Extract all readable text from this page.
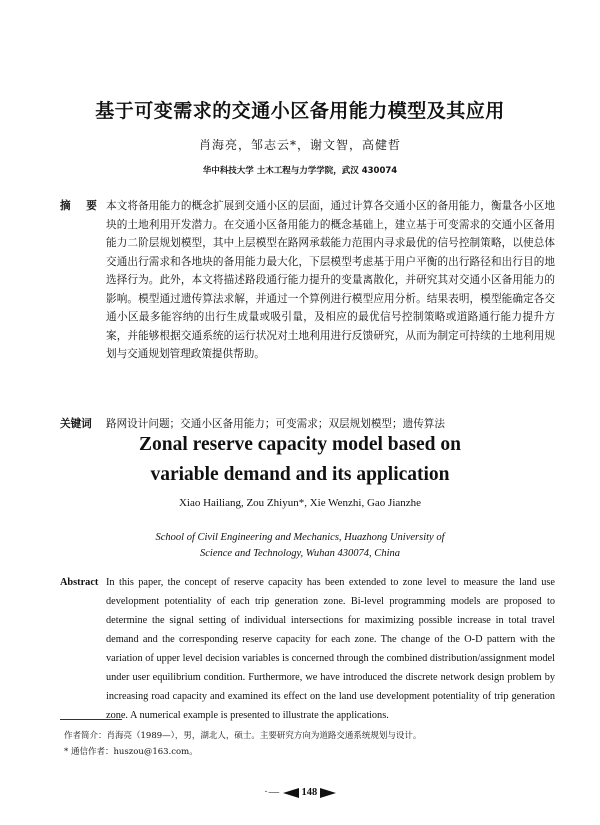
基于可变需求的交通小区备用能力模型及其应用
肖海亮，邹志云*，谢文智，高健哲
华中科技大学 土木工程与力学学院，武汉 430074
摘 要 本文将备用能力的概念扩展到交通小区的层面，通过计算各交通小区的备用能力，衡量各小区地块的土地利用开发潜力。在交通小区备用能力的概念基础上，建立基于可变需求的交通小区备用能力二阶层规划模型，其中上层模型在路网承载能力范围内寻求最优的信号控制策略，以使总体交通出行需求和各地块的备用能力最大化，下层模型考虑基于用户平衡的出行路径和出行目的地选择行为。此外，本文将描述路段通行能力提升的变量离散化，并研究其对交通小区备用能力的影响。模型通过遗传算法求解，并通过一个算例进行模型应用分析。结果表明，模型能确定各交通小区最多能容纳的出行生成量或吸引量，及相应的最优信号控制策略或道路通行能力提升方案，并能够根据交通系统的运行状况对土地利用进行反馈研究，从而为制定可持续的土地利用规划与交通规划管理政策提供帮助。
关键词 路网设计问题；交通小区备用能力；可变需求；双层规划模型；遗传算法
Zonal reserve capacity model based on
variable demand and its application
Xiao Hailiang, Zou Zhiyun*, Xie Wenzhi, Gao Jianzhe
School of Civil Engineering and Mechanics, Huazhong University of
Science and Technology, Wuhan 430074, China
Abstract In this paper, the concept of reserve capacity has been extended to zone level to measure the land use development potentiality of each trip generation zone. Bi-level programming models are proposed to determine the signal setting of individual intersections for maximizing possible increase in total travel demand and the corresponding reserve capacity for each zone. The change of the O-D pattern with the variation of upper level decision variables is concerned through the combined distribution/assignment model under user equilibrium condition. Furthermore, we have introduced the discrete network design problem by increasing road capacity and examined its effect on the land use development potentiality of trip generation zone. A numerical example is presented to illustrate the applications.
作者简介：肖海亮（1989—），男，湖北人，硕士。主要研究方向为道路交通系统规划与设计。
* 通信作者：huszou@163.com。
·— 148
